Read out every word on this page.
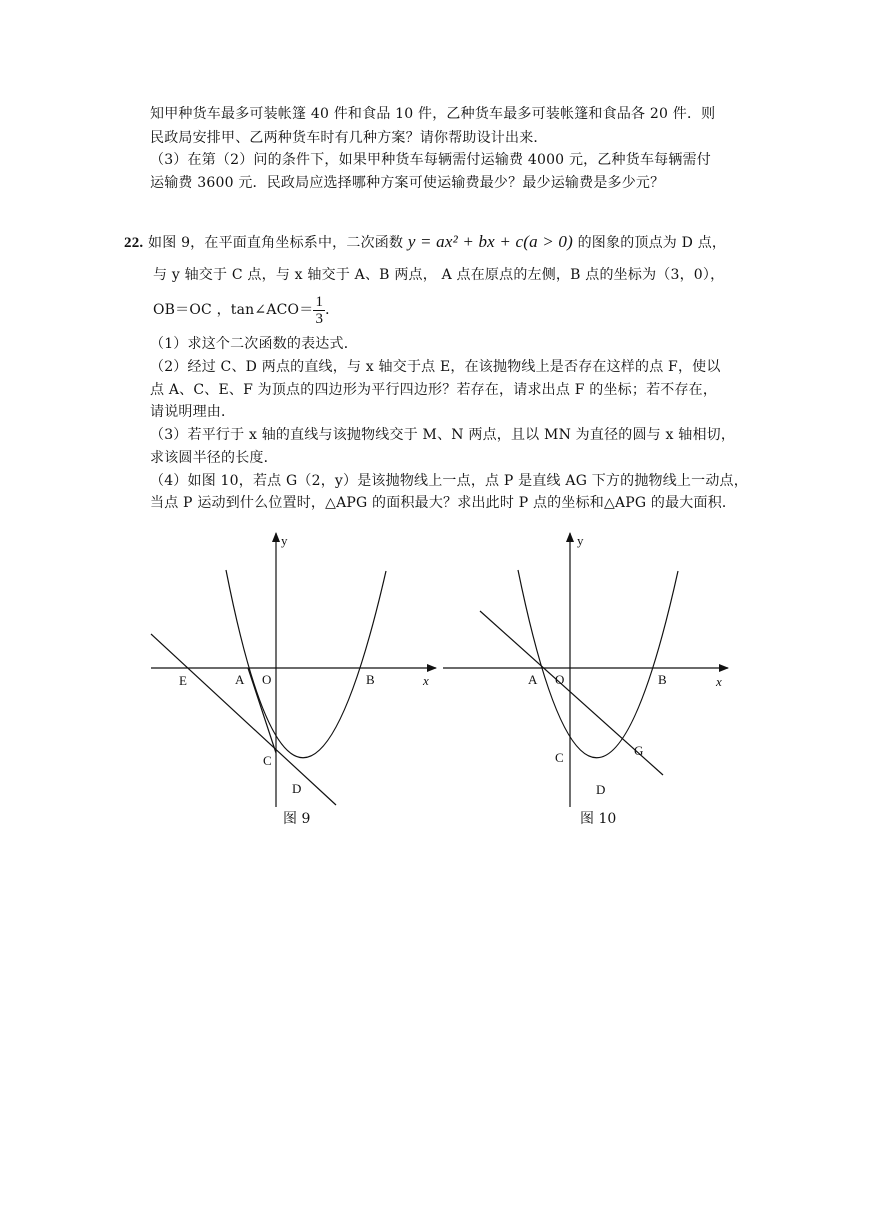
知甲种货车最多可装帐篷 40 件和食品 10 件，乙种货车最多可装帐篷和食品各 20 件．则
民政局安排甲、乙两种货车时有几种方案？请你帮助设计出来．
（3）在第（2）问的条件下，如果甲种货车每辆需付运输费 4000 元，乙种货车每辆需付
运输费 3600 元．民政局应选择哪种方案可使运输费最少？最少运输费是多少元？
22. 如图 9，在平面直角坐标系中，二次函数 y = ax² + bx + c(a > 0) 的图象的顶点为 D 点，
与 y 轴交于 C 点，与 x 轴交于 A、B 两点， A 点在原点的左侧，B 点的坐标为（3，0），
OB＝OC ，tan∠ACO＝ $\frac{1}{3}$ ．
（1）求这个二次函数的表达式．
（2）经过 C、D 两点的直线，与 x 轴交于点 E，在该抛物线上是否存在这样的点 F，使以
点 A、C、E、F 为顶点的四边形为平行四边形？若存在，请求出点 F 的坐标；若不存在，
请说明理由．
（3）若平行于 x 轴的直线与该抛物线交于 M、N 两点，且以 MN 为直径的圆与 x 轴相切，
求该圆半径的长度．
（4）如图 10，若点 G（2，y）是该抛物线上一点，点 P 是直线 AG 下方的抛物线上一动点，
当点 P 运动到什么位置时，△APG 的面积最大？求出此时 P 点的坐标和△APG 的最大面积．
y
x
E	A O	B
C
D
图 9
y
x
A O	B
C	G
D
图 10
